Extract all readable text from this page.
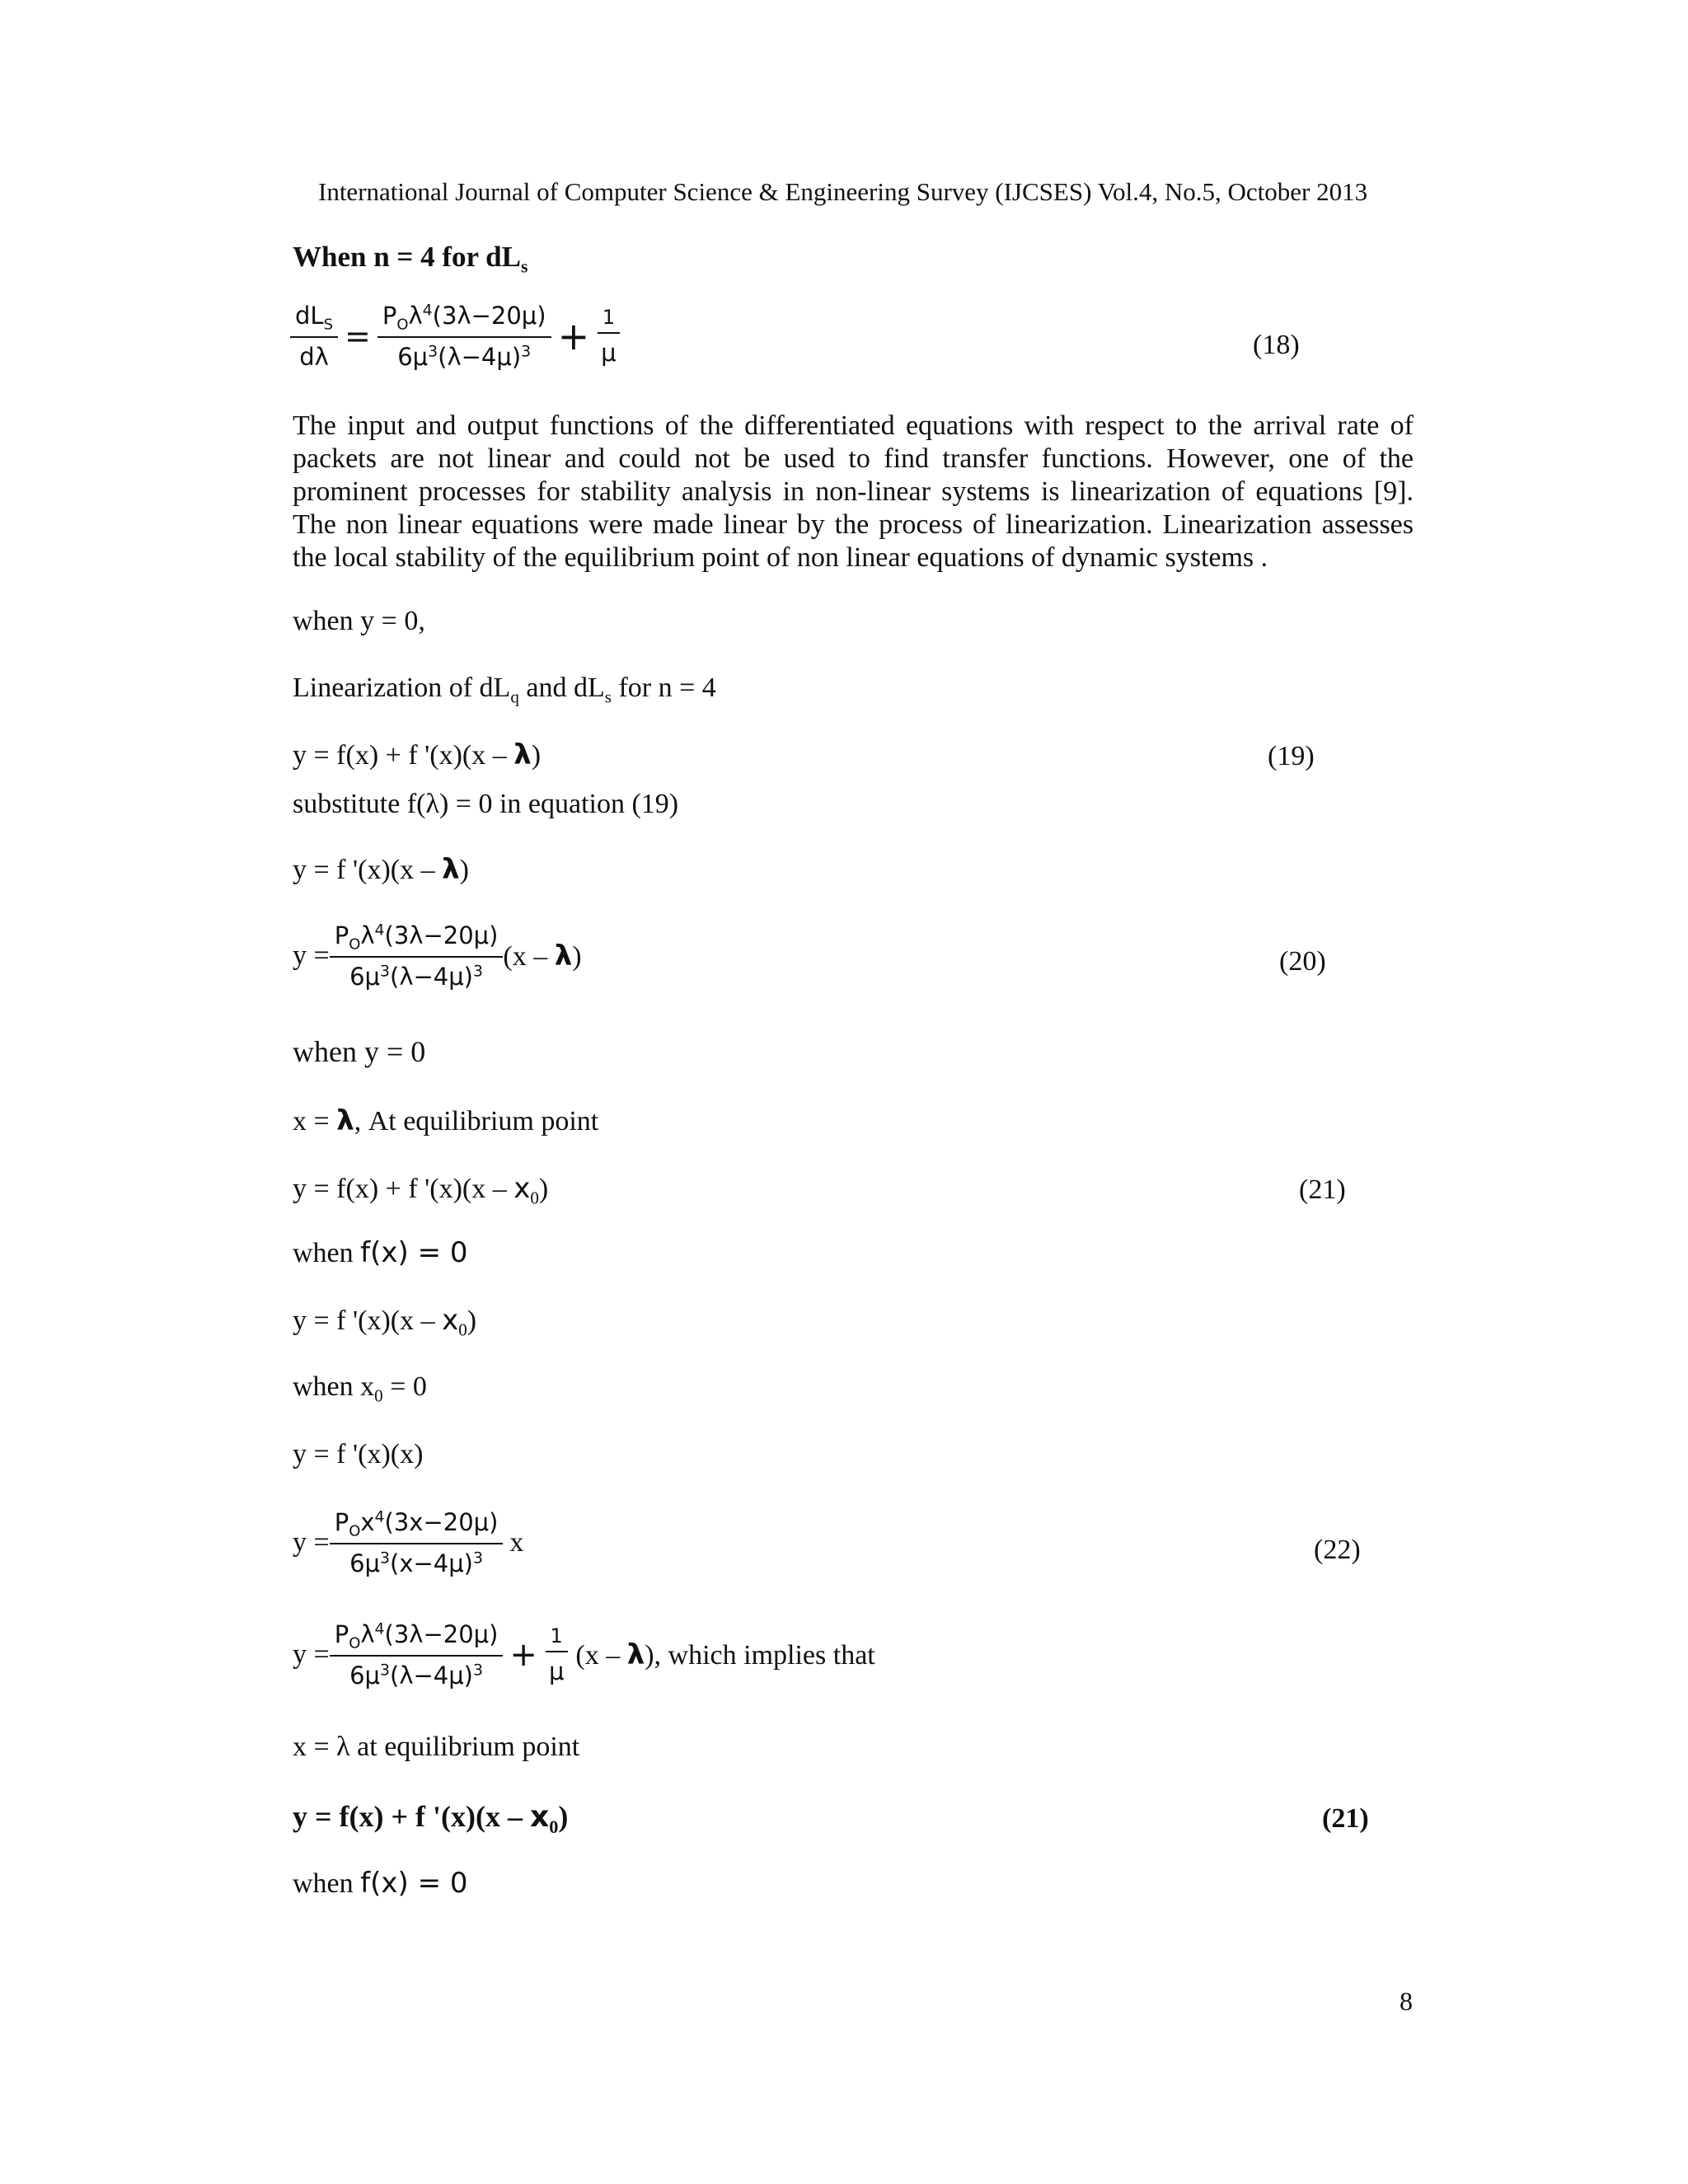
International Journal of Computer Science & Engineering Survey (IJCSES) Vol.4, No.5, October 2013
When n = 4 for $dL_s$
$\frac{dL_S}{d\lambda} = \frac{P_O\lambda^4(3\lambda-20\mu)}{6\mu^3(\lambda-4\mu)^3} + \frac{1}{\mu}$	(18)
The input and output functions of the differentiated equations with respect to the arrival rate of
packets are not linear and could not be used to find transfer functions. However, one of the
prominent processes for stability analysis in non-linear systems is linearization of equations [9].
The non linear equations were made linear by the process of linearization. Linearization assesses
the local stability of the equilibrium point of non linear equations of dynamic systems .
when y = 0,
Linearization of $dL_q$ and $dL_s$ for n = 4
y = f(x) + f '(x)(x – λ)	(19)
substitute f(λ) = 0 in equation (19)
y = f '(x)(x – λ)
$y = \frac{P_O\lambda^4(3\lambda-20\mu)}{6\mu^3(\lambda-4\mu)^3} (x - \lambda)$	(20)
when y = 0
x = λ, At equilibrium point
y = f(x) + f '$(x)(x - x_0)$	(21)
when f(x) = 0
y = f '$(x)(x - x_0)$
when $x_0 = 0$
y = f '(x)(x)
$y = \frac{P_Ox^4(3x-20\mu)}{6\mu^3(x-4\mu)^3}$ x	(22)
$y = \frac{P_O\lambda^4(3\lambda-20\mu)}{6\mu^3(\lambda-4\mu)^3} + \frac{1}{\mu} (x - \lambda)$, which implies that
x = λ at equilibrium point
y = f(x) + f '$(x)(x - x_0)$	(21)
when f(x) = 0
8
